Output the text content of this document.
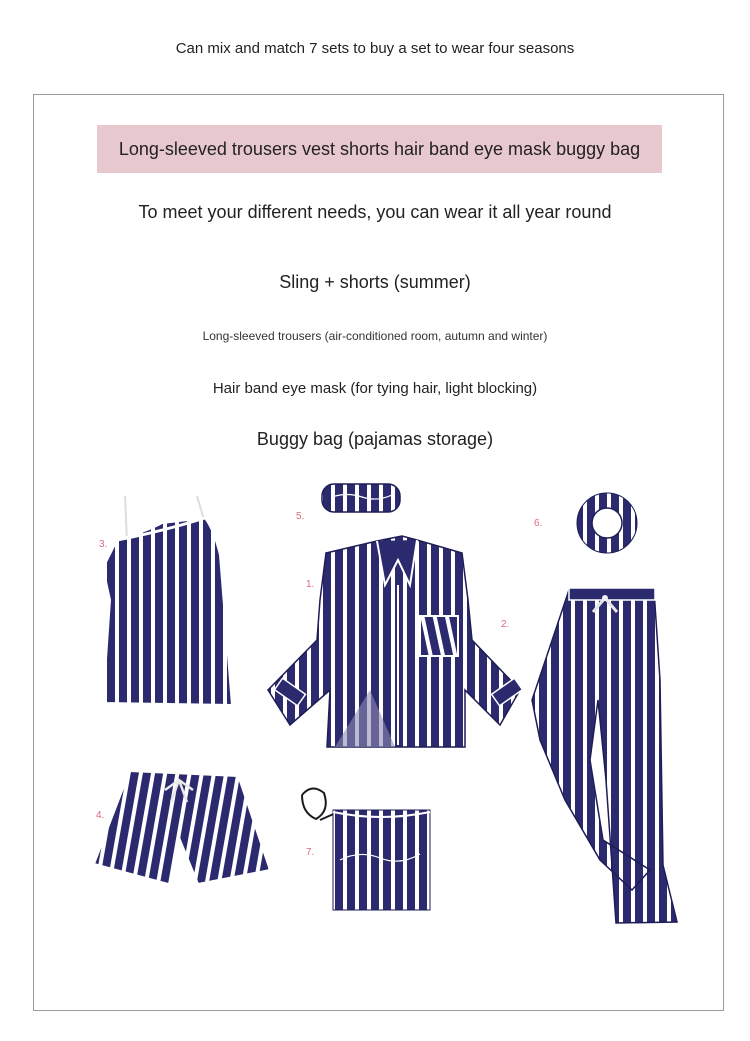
Can mix and match 7 sets to buy a set to wear four seasons
Long-sleeved trousers vest shorts hair band eye mask buggy bag
To meet your different needs, you can wear it all year round
Sling + shorts (summer)
Long-sleeved trousers (air-conditioned room, autumn and winter)
Hair band eye mask (for tying hair, light blocking)
Buggy bag (pajamas storage)
3.
5.
1.
6.
2.
4.
7.
